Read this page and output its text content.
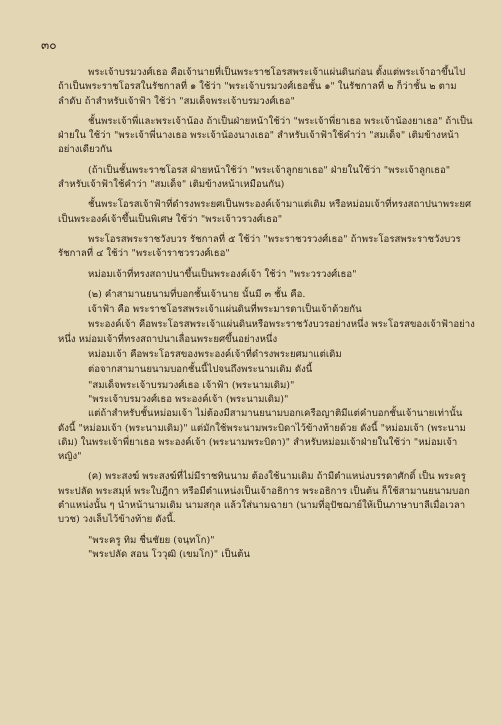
๓๐

พระเจ้าบรมวงศ์เธอ คือเจ้านายที่เป็นพระราชโอรสพระเจ้าแผ่นดินก่อน ตั้งแต่พระเจ้าอาขึ้นไป ถ้าเป็นพระราชโอรสในรัชกาลที่ ๑ ใช้ว่า "พระเจ้าบรมวงศ์เธอชั้น ๑" ในรัชกาลที่ ๒ ก็ว่าชั้น ๒ ตามลำดับ ถ้าสำหรับเจ้าฟ้า ใช้ว่า "สมเด็จพระเจ้าบรมวงศ์เธอ"

ชั้นพระเจ้าพี่และพระเจ้าน้อง ถ้าเป็นฝ่ายหน้าใช้ว่า "พระเจ้าพี่ยาเธอ พระเจ้าน้องยาเธอ" ถ้าเป็นฝ่ายใน ใช้ว่า "พระเจ้าพี่นางเธอ พระเจ้าน้องนางเธอ" สำหรับเจ้าฟ้าใช้คำว่า "สมเด็จ" เติมข้างหน้าอย่างเดียวกัน

(ถ้าเป็นชั้นพระราชโอรส ฝ่ายหน้าใช้ว่า "พระเจ้าลูกยาเธอ" ฝ่ายในใช้ว่า "พระเจ้าลูกเธอ" สำหรับเจ้าฟ้าใช้คำว่า "สมเด็จ" เติมข้างหน้าเหมือนกัน)

ชั้นพระโอรสเจ้าฟ้าที่ดำรงพระยศเป็นพระองค์เจ้ามาแต่เดิม หรือหม่อมเจ้าที่ทรงสถาปนาพระยศเป็นพระองค์เจ้าขึ้นเป็นพิเศษ ใช้ว่า "พระเจ้าวรวงศ์เธอ"

พระโอรสพระราชวังบวร รัชกาลที่ ๕ ใช้ว่า "พระราชวรวงศ์เธอ" ถ้าพระโอรสพระราชวังบวร รัชกาลที่ ๔ ใช้ว่า "พระเจ้าราชวรวงศ์เธอ"

หม่อมเจ้าที่ทรงสถาปนาขึ้นเป็นพระองค์เจ้า ใช้ว่า "พระวรวงศ์เธอ"

(๒) คำสามานยนามที่บอกชั้นเจ้านาย นั้นมี ๓ ชั้น คือ.

เจ้าฟ้า คือ พระราชโอรสพระเจ้าแผ่นดินที่พระมารดาเป็นเจ้าด้วยกัน

พระองค์เจ้า คือพระโอรสพระเจ้าแผ่นดินหรือพระราชวังบวรอย่างหนึ่ง พระโอรสของเจ้าฟ้าอย่างหนึ่ง หม่อมเจ้าที่ทรงสถาปนาเลื่อนพระยศขึ้นอย่างหนึ่ง

หม่อมเจ้า คือพระโอรสของพระองค์เจ้าที่ดำรงพระยศมาแต่เดิม

ต่อจากสามานยนามบอกชั้นนี้ไปจนถึงพระนามเดิม ดังนี้

"สมเด็จพระเจ้าบรมวงศ์เธอ เจ้าฟ้า (พระนามเดิม)"

"พระเจ้าบรมวงศ์เธอ พระองค์เจ้า (พระนามเดิม)"

แต่ถ้าสำหรับชั้นหม่อมเจ้า ไม่ต้องมีสามานยนามบอกเครือญาติมีแต่คำบอกชั้นเจ้านายเท่านั้น ดังนี้ "หม่อมเจ้า (พระนามเดิม)" แต่มักใช้พระนามพระบิดาไว้ข้างท้ายด้วย ดังนี้ "หม่อมเจ้า (พระนามเดิม) ในพระเจ้าพี่ยาเธอ พระองค์เจ้า (พระนามพระบิดา)" สำหรับหม่อมเจ้าฝ่ายในใช้ว่า "หม่อมเจ้าหญิง"

(ค) พระสงฆ์ พระสงฆ์ที่ไม่มีราชทินนาม ต้องใช้นามเดิม ถ้ามีตำแหน่งบรรดาศักดิ์ เป็น พระครู พระปลัด พระสมุห์ พระใบฎีกา หรือมีตำแหน่งเป็นเจ้าอธิการ พระอธิการ เป็นต้น ก็ใช้สามานยนามบอกตำแหน่งนั้น ๆ นำหน้านามเดิม นามสกุล แล้วใส่นามฉายา (นามที่อุปัชฌาย์ให้เป็นภาษาบาลีเมื่อเวลาบวช) วงเล็บไว้ข้างท้าย ดังนี้.

"พระครู ทิม ชื่นชัยย (จนฺทโก)"

"พระปลัด สอน โววุฒิ (เขมโก)" เป็นต้น
